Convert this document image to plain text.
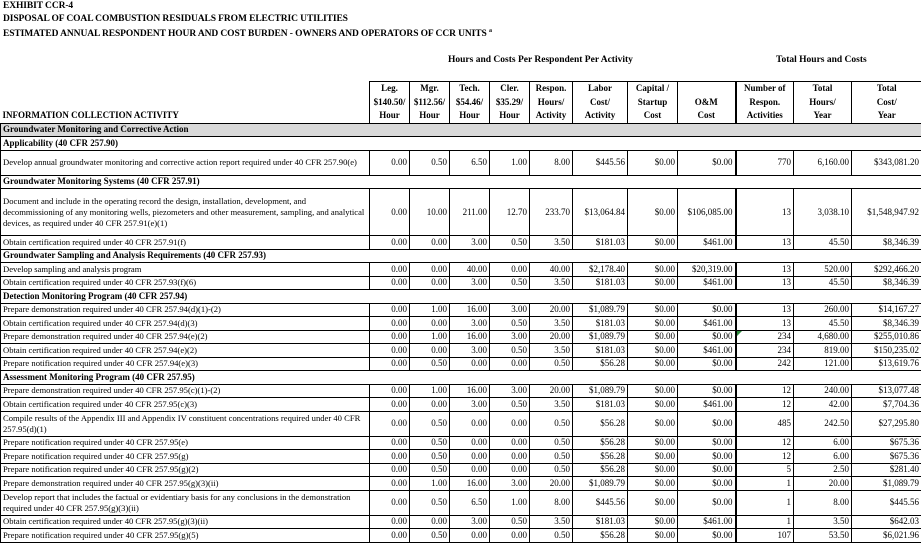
EXHIBIT CCR-4
DISPOSAL OF COAL COMBUSTION RESIDUALS FROM ELECTRIC UTILITIES
ESTIMATED ANNUAL RESPONDENT HOUR AND COST BURDEN - OWNERS AND OPERATORS OF CCR UNITS $^a$
Hours and Costs Per Respondent Per Activity	Total Hours and Costs
	Leg.	Mgr.	Tech.	Cler.	Respon.	Labor	Capital /		Number of	Total	Total
	$140.50/	$112.56/	$54.46/	$35.29/	Hours/	Cost/	Startup	O&M	Respon.	Hours/	Cost/
INFORMATION COLLECTION ACTIVITY	Hour	Hour	Hour	Hour	Activity	Activity	Cost	Cost	Activities	Year	Year
Groundwater Monitoring and Corrective Action											
Applicability (40 CFR 257.90)											
Develop annual groundwater monitoring and corrective action report required under 40 CFR 257.90(e)	0.00	0.50	6.50	1.00	8.00	$445.56	$0.00	$0.00	770	6,160.00	$343,081.20
Groundwater Monitoring Systems (40 CFR 257.91)											
Document and include in the operating record the design, installation, development, and decommissioning of any monitoring wells, piezometers and other measurement, sampling, and analytical devices, as required under 40 CFR 257.91(e)(1)	0.00	10.00	211.00	12.70	233.70	$13,064.84	$0.00	$106,085.00	13	3,038.10	$1,548,947.92
Obtain certification required under 40 CFR 257.91(f)	0.00	0.00	3.00	0.50	3.50	$181.03	$0.00	$461.00	13	45.50	$8,346.39
Groundwater Sampling and Analysis Requirements (40 CFR 257.93)											
Develop sampling and analysis program	0.00	0.00	40.00	0.00	40.00	$2,178.40	$0.00	$20,319.00	13	520.00	$292,466.20
Obtain certification required under 40 CFR 257.93(f)(6)	0.00	0.00	3.00	0.50	3.50	$181.03	$0.00	$461.00	13	45.50	$8,346.39
Detection Monitoring Program (40 CFR 257.94)											
Prepare demonstration required under 40 CFR 257.94(d)(1)-(2)	0.00	1.00	16.00	3.00	20.00	$1,089.79	$0.00	$0.00	13	260.00	$14,167.27
Obtain certification required under 40 CFR 257.94(d)(3)	0.00	0.00	3.00	0.50	3.50	$181.03	$0.00	$461.00	13	45.50	$8,346.39
Prepare demonstration required under 40 CFR 257.94(e)(2)	0.00	1.00	16.00	3.00	20.00	$1,089.79	$0.00	$0.00	234	4,680.00	$255,010.86
Obtain certification required under 40 CFR 257.94(e)(2)	0.00	0.00	3.00	0.50	3.50	$181.03	$0.00	$461.00	234	819.00	$150,235.02
Prepare notification required under 40 CFR 257.94(e)(3)	0.00	0.50	0.00	0.00	0.50	$56.28	$0.00	$0.00	242	121.00	$13,619.76
Assessment Monitoring Program (40 CFR 257.95)											
Prepare demonstration required under 40 CFR 257.95(c)(1)-(2)	0.00	1.00	16.00	3.00	20.00	$1,089.79	$0.00	$0.00	12	240.00	$13,077.48
Obtain certification required under 40 CFR 257.95(c)(3)	0.00	0.00	3.00	0.50	3.50	$181.03	$0.00	$461.00	12	42.00	$7,704.36
Compile results of the Appendix III and Appendix IV constituent concentrations required under 40 CFR 257.95(d)(1)	0.00	0.50	0.00	0.00	0.50	$56.28	$0.00	$0.00	485	242.50	$27,295.80
Prepare notification required under 40 CFR 257.95(e)	0.00	0.50	0.00	0.00	0.50	$56.28	$0.00	$0.00	12	6.00	$675.36
Prepare notification required under 40 CFR 257.95(g)	0.00	0.50	0.00	0.00	0.50	$56.28	$0.00	$0.00	12	6.00	$675.36
Prepare notification required under 40 CFR 257.95(g)(2)	0.00	0.50	0.00	0.00	0.50	$56.28	$0.00	$0.00	5	2.50	$281.40
Prepare demonstration required under 40 CFR 257.95(g)(3)(ii)	0.00	1.00	16.00	3.00	20.00	$1,089.79	$0.00	$0.00	1	20.00	$1,089.79
Develop report that includes the factual or evidentiary basis for any conclusions in the demonstration required under 40 CFR 257.95(g)(3)(ii)	0.00	0.50	6.50	1.00	8.00	$445.56	$0.00	$0.00	1	8.00	$445.56
Obtain certification required under 40 CFR 257.95(g)(3)(ii)	0.00	0.00	3.00	0.50	3.50	$181.03	$0.00	$461.00	1	3.50	$642.03
Prepare notification required under 40 CFR 257.95(g)(5)	0.00	0.50	0.00	0.00	0.50	$56.28	$0.00	$0.00	107	53.50	$6,021.96
